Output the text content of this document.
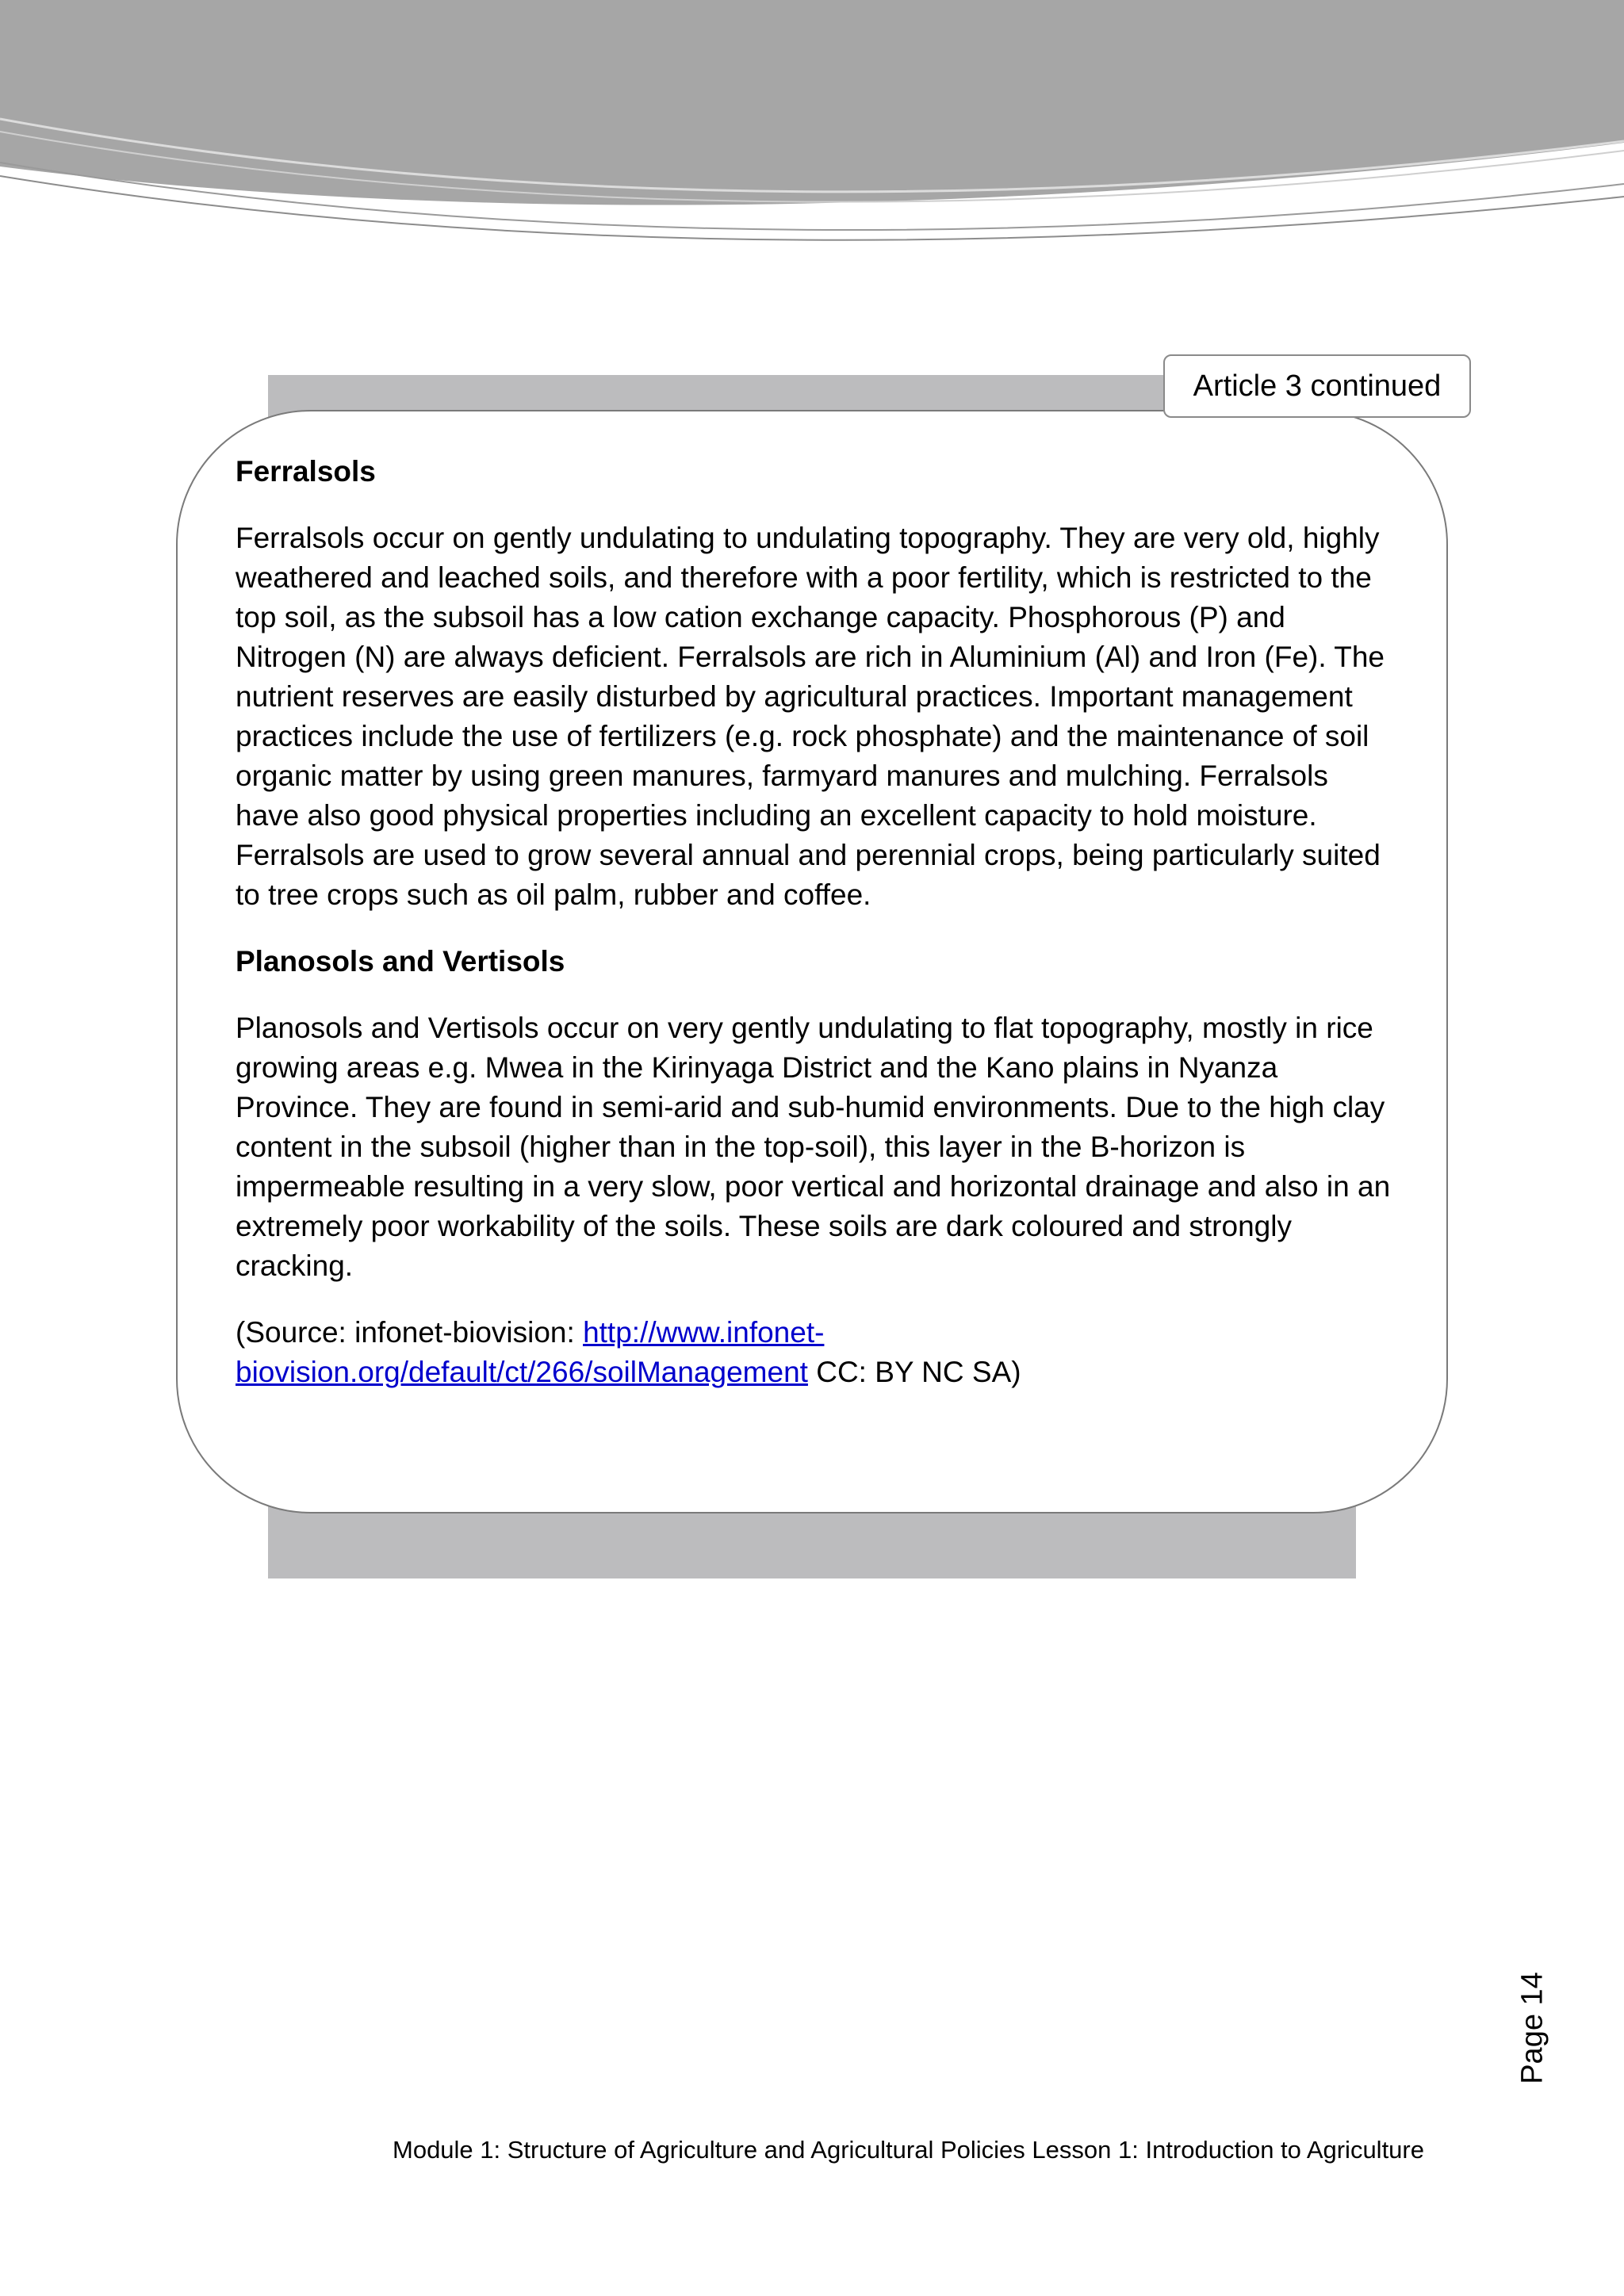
Article 3 continued
Ferralsols

Ferralsols occur on gently undulating to undulating topography. They are very old, highly weathered and leached soils, and therefore with a poor fertility, which is restricted to the top soil, as the subsoil has a low cation exchange capacity. Phosphorous (P) and Nitrogen (N) are always deficient. Ferralsols are rich in Aluminium (Al) and Iron (Fe). The nutrient reserves are easily disturbed by agricultural practices. Important management practices include the use of fertilizers (e.g. rock phosphate) and the maintenance of soil organic matter by using green manures, farmyard manures and mulching. Ferralsols have also good physical properties including an excellent capacity to hold moisture. Ferralsols are used to grow several annual and perennial crops, being particularly suited to tree crops such as oil palm, rubber and coffee.

Planosols and Vertisols

Planosols and Vertisols occur on very gently undulating to flat topography, mostly in rice growing areas e.g. Mwea in the Kirinyaga District and the Kano plains in Nyanza Province. They are found in semi-arid and sub-humid environments. Due to the high clay content in the subsoil (higher than in the top-soil), this layer in the B-horizon is impermeable resulting in a very slow, poor vertical and horizontal drainage and also in an extremely poor workability of the soils. These soils are dark coloured and strongly cracking.

(Source: infonet-biovision: http://www.infonet-biovision.org/default/ct/266/soilManagement CC: BY NC SA)

Page 14
Module 1: Structure of Agriculture and Agricultural Policies Lesson 1: Introduction to Agriculture
